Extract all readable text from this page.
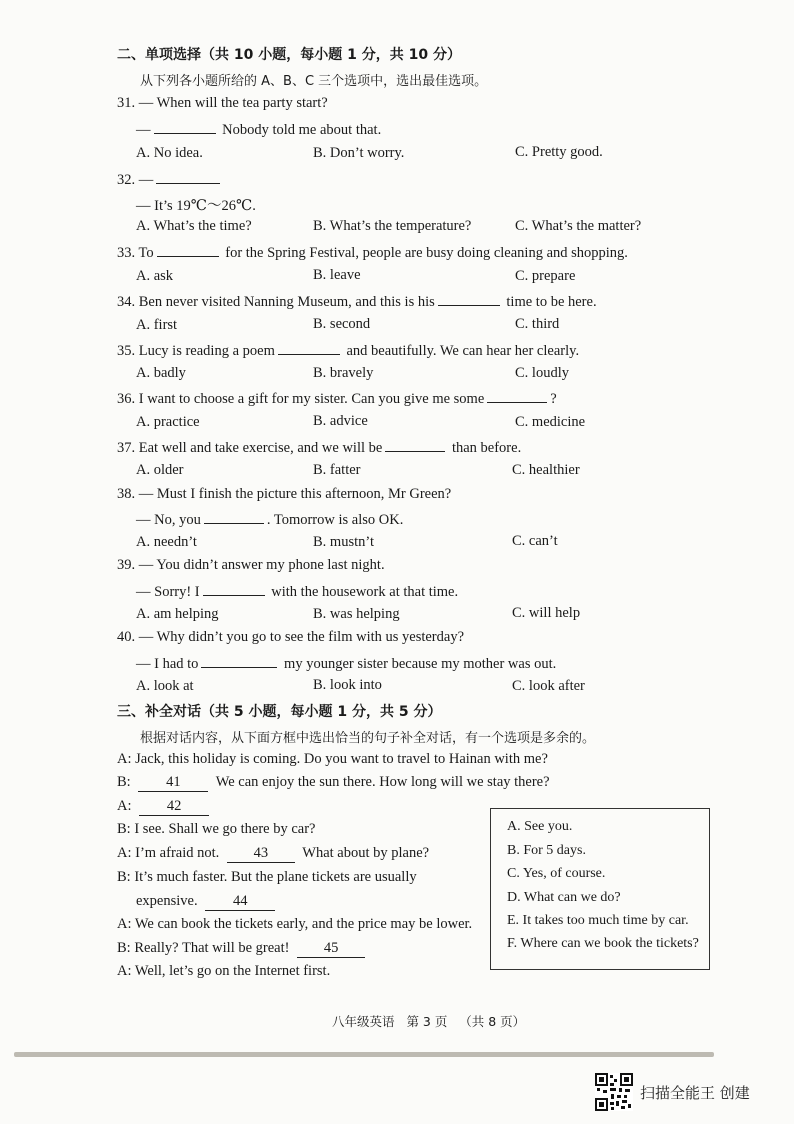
二、单项选择（共 10 小题，每小题 1 分，共 10 分）
从下列各小题所给的 A、B、C 三个选项中，选出最佳选项。
31. — When will the tea party start?
—	Nobody told me about that.
A. No idea.	B. Don’t worry.	C. Pretty good.
32. —
— It’s 19℃～26℃.
A. What’s the time?	B. What’s the temperature?	C. What’s the matter?
33. To	for the Spring Festival, people are busy doing cleaning and shopping.
A. ask	B. leave	C. prepare
34. Ben never visited Nanning Museum, and this is his	time to be here.
A. first	B. second	C. third
35. Lucy is reading a poem	and beautifully. We can hear her clearly.
A. badly	B. bravely	C. loudly
36. I want to choose a gift for my sister. Can you give me some	?
A. practice	B. advice	C. medicine
37. Eat well and take exercise, and we will be	than before.
A. older	B. fatter	C. healthier
38. — Must I finish the picture this afternoon, Mr Green?
— No, you	. Tomorrow is also OK.
A. needn’t	B. mustn’t	C. can’t
39. — You didn’t answer my phone last night.
— Sorry! I	with the housework at that time.
A. am helping	B. was helping	C. will help
40. — Why didn’t you go to see the film with us yesterday?
— I had to	my younger sister because my mother was out.
A. look at	B. look into	C. look after
三、补全对话（共 5 小题，每小题 1 分，共 5 分）
根据对话内容，从下面方框中选出恰当的句子补全对话，有一个选项是多余的。
A: Jack, this holiday is coming. Do you want to travel to Hainan with me?
B: 41 We can enjoy the sun there. How long will we stay there?
A: 42
B: I see. Shall we go there by car?
A: I’m afraid not. 43 What about by plane?
B: It’s much faster. But the plane tickets are usually
expensive. 44
A: We can book the tickets early, and the price may be lower.
B: Really? That will be great! 45
A: Well, let’s go on the Internet first.
A. See you.
B. For 5 days.
C. Yes, of course.
D. What can we do?
E. It takes too much time by car.
F. Where can we book the tickets?
八年级英语 第 3 页 （共 8 页）
扫描全能王 创建
